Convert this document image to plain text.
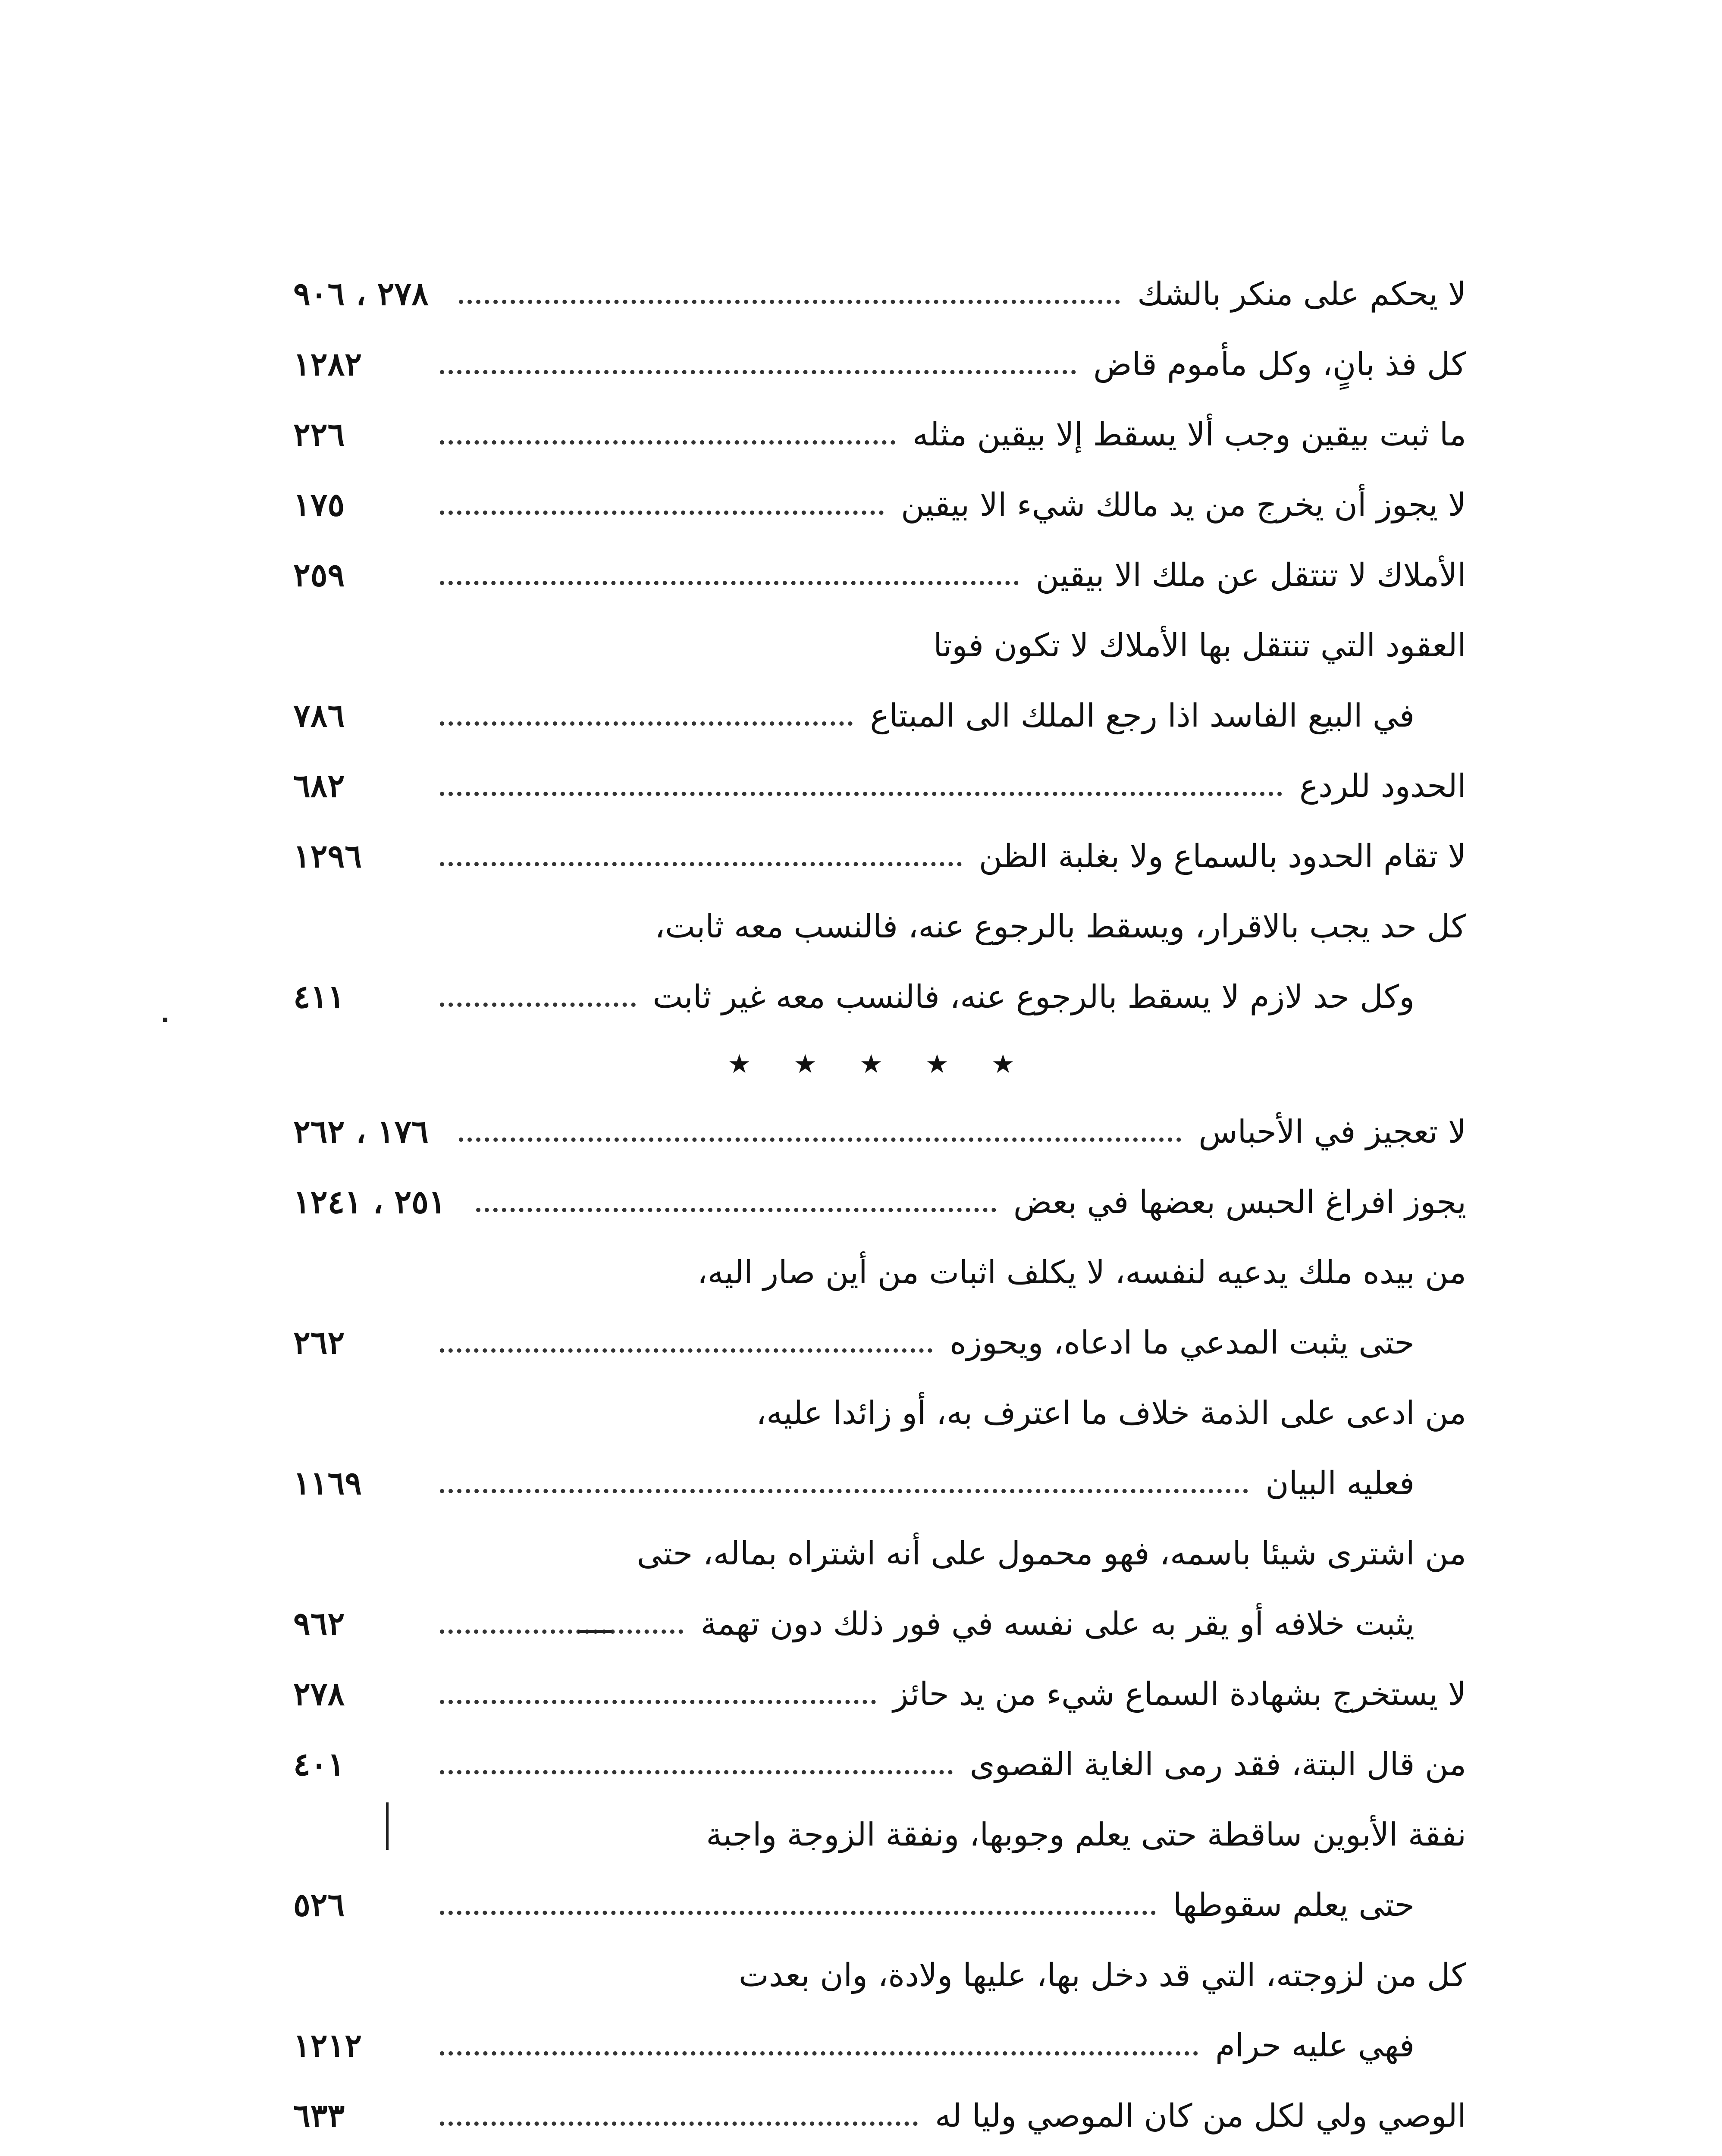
لا يحكم على منكر بالشك
٢٧٨ ، ٩٠٦
كل فذ بانٍ، وكل مأموم قاض
١٢٨٢
ما ثبت بيقين وجب ألا يسقط إلا بيقين مثله
٢٢٦
لا يجوز أن يخرج من يد مالك شيء الا بيقين
١٧٥
الأملاك لا تنتقل عن ملك الا بيقين
٢٥٩
العقود التي تنتقل بها الأملاك لا تكون فوتا
في البيع الفاسد اذا رجع الملك الى المبتاع
٧٨٦
الحدود للردع
٦٨٢
لا تقام الحدود بالسماع ولا بغلبة الظن
١٢٩٦
كل حد يجب بالاقرار، ويسقط بالرجوع عنه، فالنسب معه ثابت،
وكل حد لازم لا يسقط بالرجوع عنه، فالنسب معه غير ثابت
٤١١
★ ★ ★ ★ ★
لا تعجيز في الأحباس
١٧٦ ، ٢٦٢
يجوز افراغ الحبس بعضها في بعض
٢٥١ ، ١٢٤١
من بيده ملك يدعيه لنفسه، لا يكلف اثبات من أين صار اليه،
حتى يثبت المدعي ما ادعاه، ويحوزه
٢٦٢
من ادعى على الذمة خلاف ما اعترف به، أو زائدا عليه،
فعليه البيان
١١٦٩
من اشترى شيئا باسمه، فهو محمول على أنه اشتراه بماله، حتى
يثبت خلافه أو يقر به على نفسه في فور ذلك دون تهمة
٩٦٢
لا يستخرج بشهادة السماع شيء من يد حائز
٢٧٨
من قال البتة، فقد رمى الغاية القصوى
٤٠١
نفقة الأبوين ساقطة حتى يعلم وجوبها، ونفقة الزوجة واجبة
حتى يعلم سقوطها
٥٢٦
كل من لزوجته، التي قد دخل بها، عليها ولادة، وان بعدت
فهي عليه حرام
١٢١٢
الوصي ولي لكل من كان الموصي وليا له
٦٣٣
